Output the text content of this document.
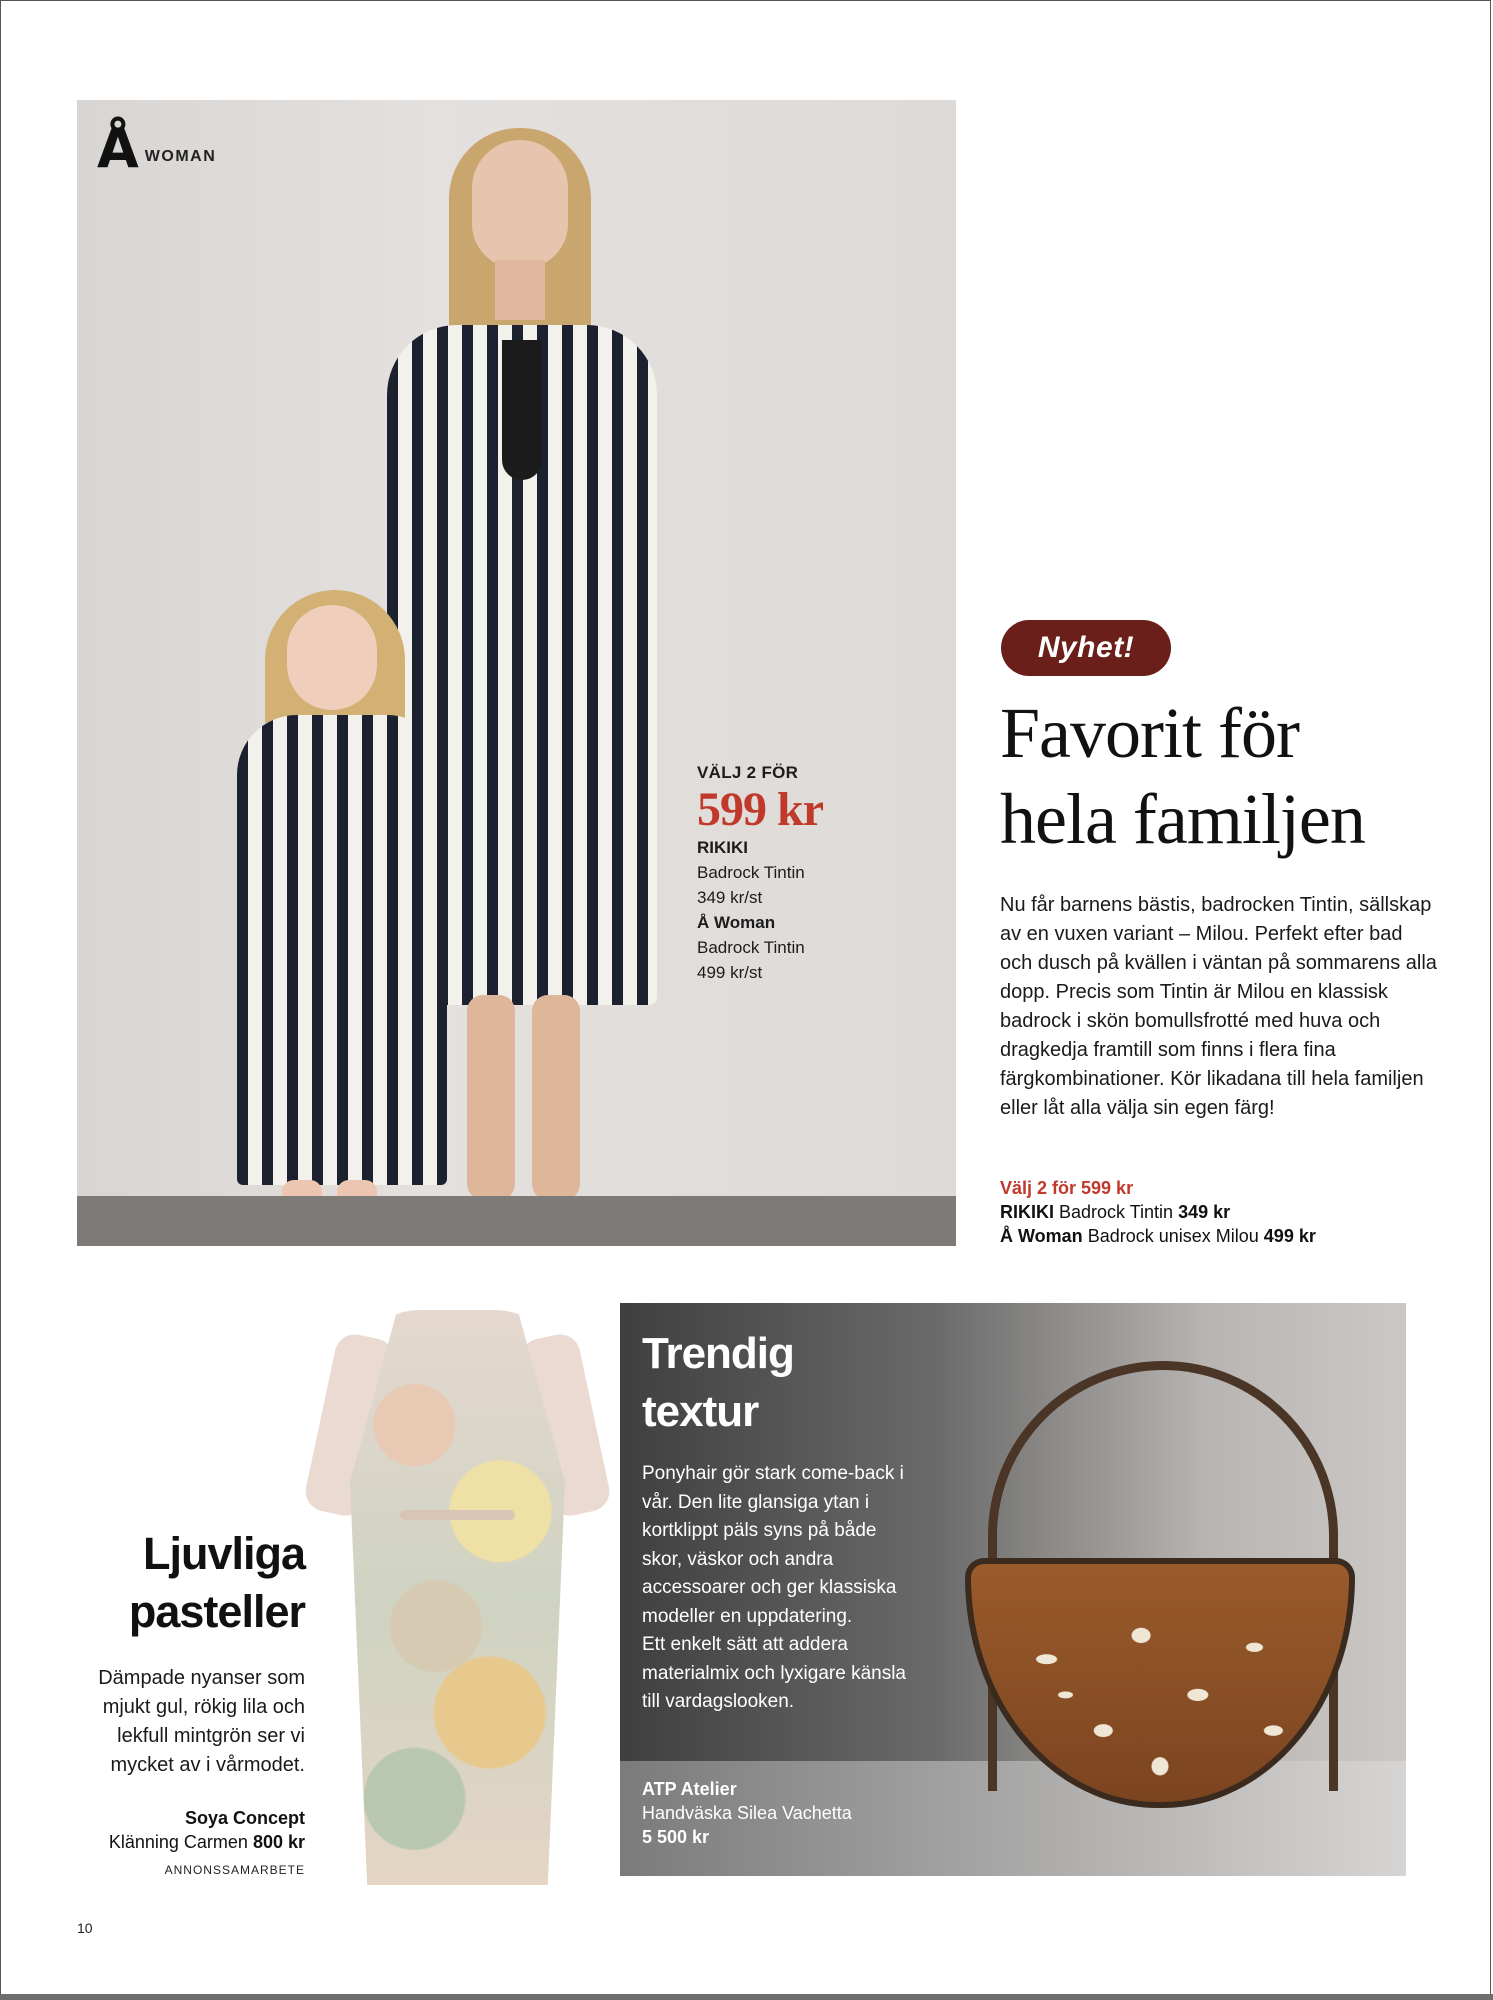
Å WOMAN
VÄLJ 2 FÖR
599 kr
RIKIKI
Badrock Tintin
349 kr/st
Å Woman
Badrock Tintin
499 kr/st
Nyhet!
Favorit för
hela familjen
Nu får barnens bästis, badrocken Tintin, sällskap av en vuxen variant – Milou. Perfekt efter bad och dusch på kvällen i väntan på sommarens alla dopp. Precis som Tintin är Milou en klassisk badrock i skön bomullsfrotté med huva och dragkedja framtill som finns i flera fina färgkombinationer. Kör likadana till hela familjen eller låt alla välja sin egen färg!
Välj 2 för 599 kr
RIKIKI Badrock Tintin 349 kr
Å Woman Badrock unisex Milou 499 kr
Ljuvliga
pasteller
Dämpade nyanser som mjukt gul, rökig lila och lekfull mintgrön ser vi mycket av i vårmodet.
Soya Concept
Klänning Carmen 800 kr
ANNONSSAMARBETE
Trendig
textur
Ponyhair gör stark come-back i vår. Den lite glansiga ytan i kortklippt päls syns på både skor, väskor och andra accessoarer och ger klassiska modeller en uppdatering.
Ett enkelt sätt att addera materialmix och lyxigare känsla till vardagslooken.
ATP Atelier
Handväska Silea Vachetta
5 500 kr
10
